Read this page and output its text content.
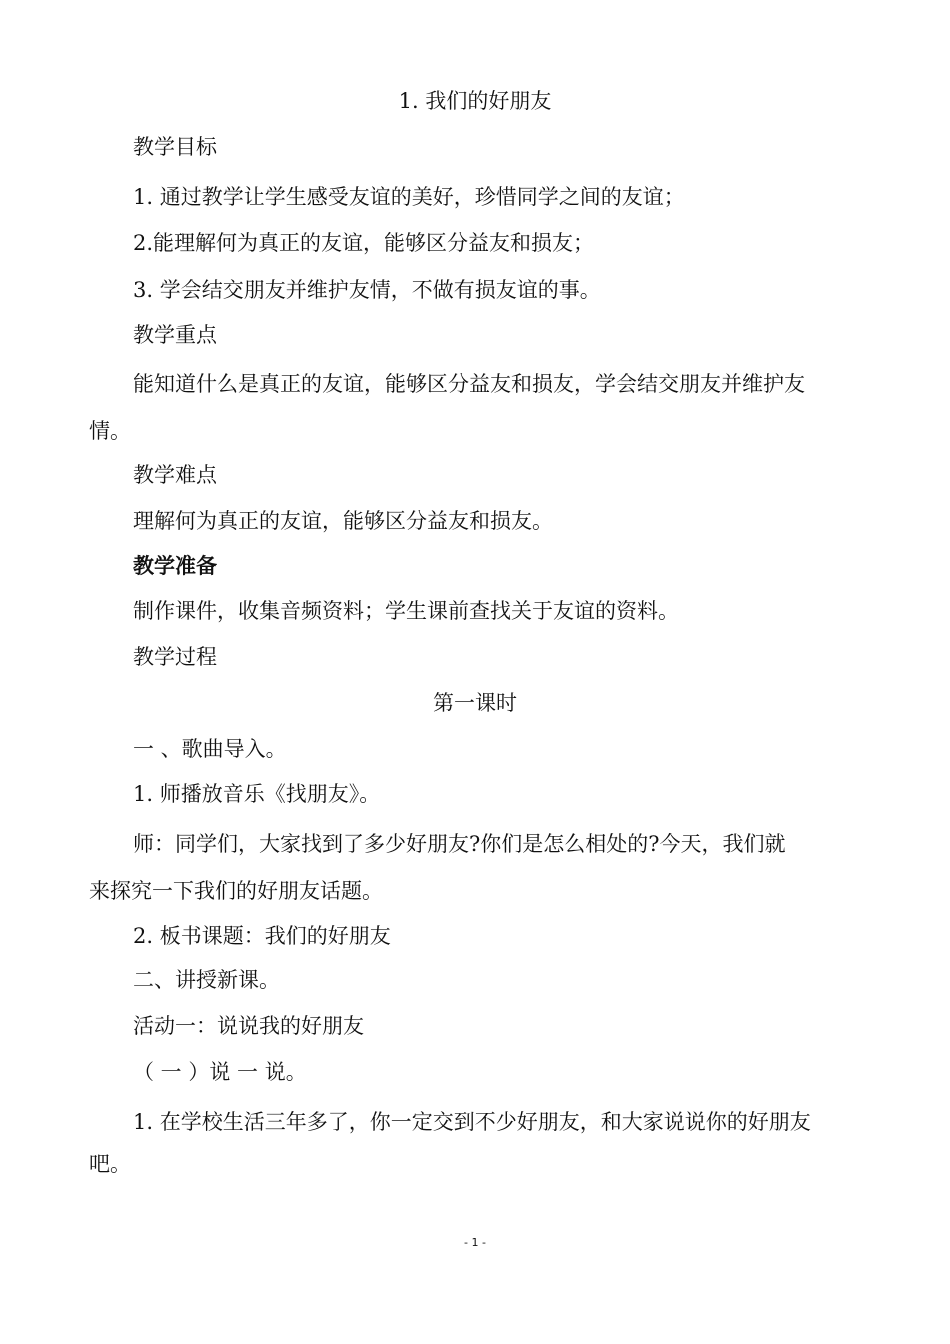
1. 我们的好朋友
教学目标
1. 通过教学让学生感受友谊的美好，珍惜同学之间的友谊；
2.能理解何为真正的友谊，能够区分益友和损友；
3. 学会结交朋友并维护友情，不做有损友谊的事。
教学重点
能知道什么是真正的友谊，能够区分益友和损友，学会结交朋友并维护友
情。
教学难点
理解何为真正的友谊，能够区分益友和损友。
教学准备
制作课件，收集音频资料；学生课前查找关于友谊的资料。
教学过程
第一课时
一 、歌曲导入。
1. 师播放音乐《找朋友》。
师：同学们，大家找到了多少好朋友?你们是怎么相处的?今天，我们就
来探究一下我们的好朋友话题。
2. 板书课题：我们的好朋友
二、讲授新课。
活动一：说说我的好朋友
（ 一 ）说 一 说。
1. 在学校生活三年多了，你一定交到不少好朋友，和大家说说你的好朋友
吧。
- 1 -
